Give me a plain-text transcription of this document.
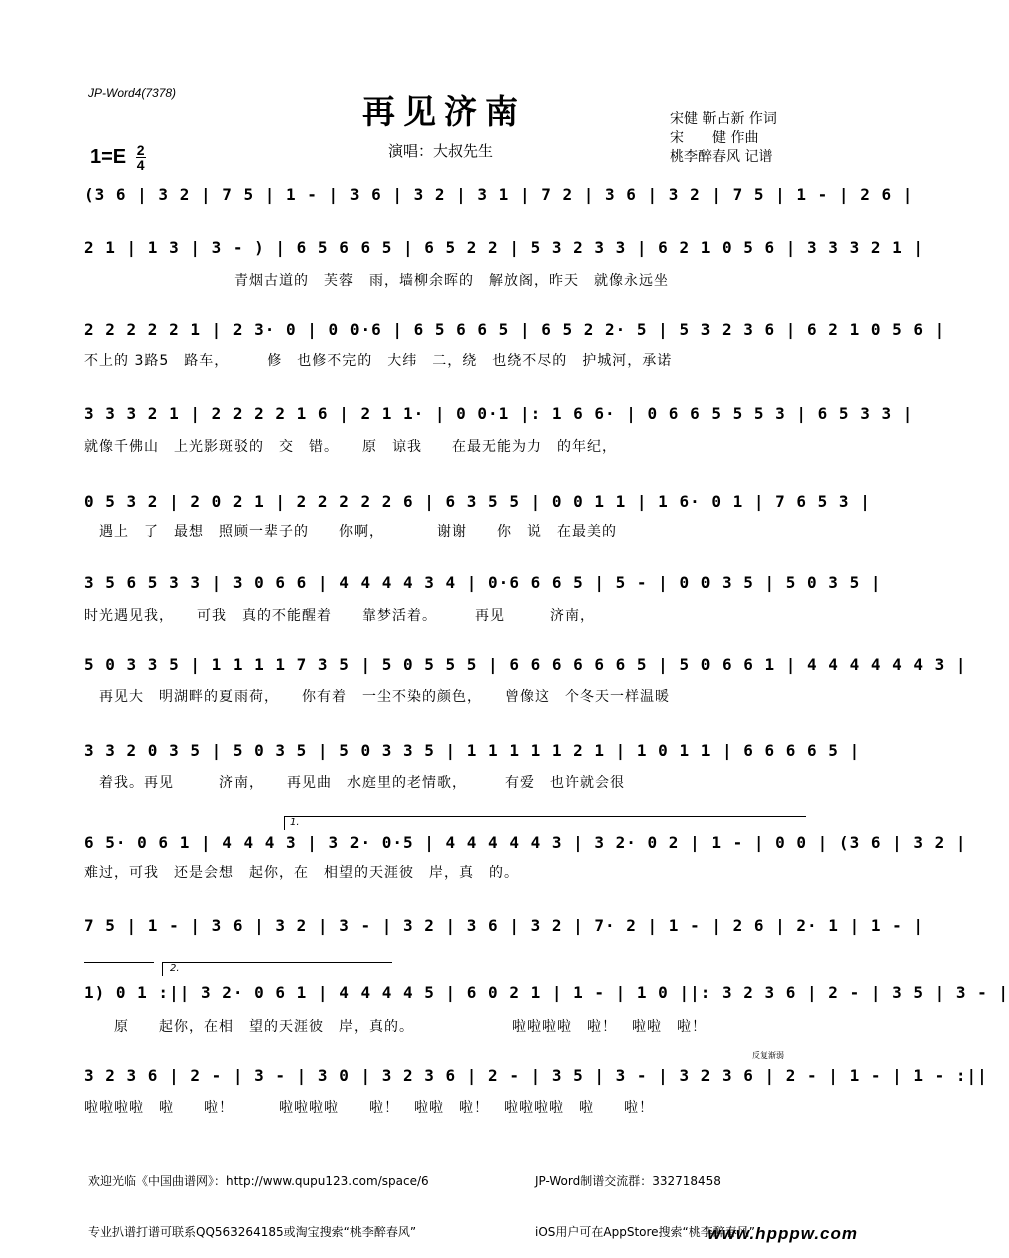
JP-Word4(7378)	再见济南
$1=E \frac{2}{4}$	演唱：大叔先生
宋健 靳占新 作词
宋　　健 作曲
桃李醉春风 记谱
(3 6 | 3 2 | 7 5 | 1 - | 3 6 | 3 2 | 3 1 | 7 2 | 3 6 | 3 2 | 7 5 | 1 - | 2 6 |
2 1 | 1 3 | 3 - ) | 6 5 6 6 5 | 6 5 2 2 | 5 3 2 3 3 | 6 2 1 0 5 6 | 3 3 3 2 1 |
　　　　　　　　　　青烟古道的　芙蓉　雨，墙柳余晖的　解放阁，昨天　就像永远坐
2 2 2 2 2 1 | 2 3· 0 | 0 0·6 | 6 5 6 6 5 | 6 5 2 2· 5 | 5 3 2 3 6 | 6 2 1 0 5 6 |
不上的 3路5　路车，　　　修　也修不完的　大纬　二，绕　也绕不尽的　护城河，承诺
3 3 3 2 1 | 2 2 2 2 1 6 | 2 1 1· | 0 0·1 |: 1 6 6· | 0 6 6 5 5 5 3 | 6 5 3 3 |
就像千佛山　上光影斑驳的　交　错。　　原　谅我　　在最无能为力　的年纪，
0 5 3 2 | 2 0 2 1 | 2 2 2 2 2 6 | 6 3 5 5 | 0 0 1 1 | 1 6· 0 1 | 7 6 5 3 |
　遇上　了　最想　照顾一辈子的　　你啊，　　　　谢谢　　你　说　在最美的
3 5 6 5 3 3 | 3 0 6 6 | 4 4 4 4 3 4 | 0·6 6 6 5 | 5 - | 0 0 3 5 | 5 0 3 5 |
时光遇见我，　　可我　真的不能醒着　　靠梦活着。　　　再见　　　济南，
5 0 3 3 5 | 1 1 1 1 7 3 5 | 5 0 5 5 5 | 6 6 6 6 6 6 5 | 5 0 6 6 1 | 4 4 4 4 4 4 3 |
　再见大　明湖畔的夏雨荷，　　你有着　一尘不染的颜色，　　曾像这　个冬天一样温暖
3 3 2 0 3 5 | 5 0 3 5 | 5 0 3 3 5 | 1 1 1 1 1 2 1 | 1 0 1 1 | 6 6 6 6 5 |
　着我。再见　　　济南，　　再见曲　水庭里的老情歌，　　　有爱　也许就会很
1.
6 5· 0 6 1 | 4 4 4 3 | 3 2· 0·5 | 4 4 4 4 4 3 | 3 2· 0 2 | 1 - | 0 0 | (3 6 | 3 2 |
难过，可我　还是会想　起你，在　相望的天涯彼　岸，真　的。
7 5 | 1 - | 3 6 | 3 2 | 3 - | 3 2 | 3 6 | 3 2 | 7· 2 | 1 - | 2 6 | 2· 1 | 1 - |
2.
1) 0 1 :|| 3 2· 0 6 1 | 4 4 4 4 5 | 6 0 2 1 | 1 - | 1 0 ||: 3 2 3 6 | 2 - | 3 5 | 3 - |
　　原　　起你，在相　望的天涯彼　岸，真的。　　　　　　　啦啦啦啦　啦！　啦啦　啦！
反复渐弱
3 2 3 6 | 2 - | 3 - | 3 0 | 3 2 3 6 | 2 - | 3 5 | 3 - | 3 2 3 6 | 2 - | 1 - | 1 - :||
啦啦啦啦　啦　　啦！　　　啦啦啦啦　　啦！　啦啦　啦！　啦啦啦啦　啦　　啦！

欢迎光临《中国曲谱网》：http://www.qupu123.com/space/6

专业扒谱打谱可联系QQ563264185或淘宝搜索“桃李醉春风”

JP-Word制谱交流群：332718458

iOS用户可在AppStore搜索“桃李醉春风”

www.hpppw.com
